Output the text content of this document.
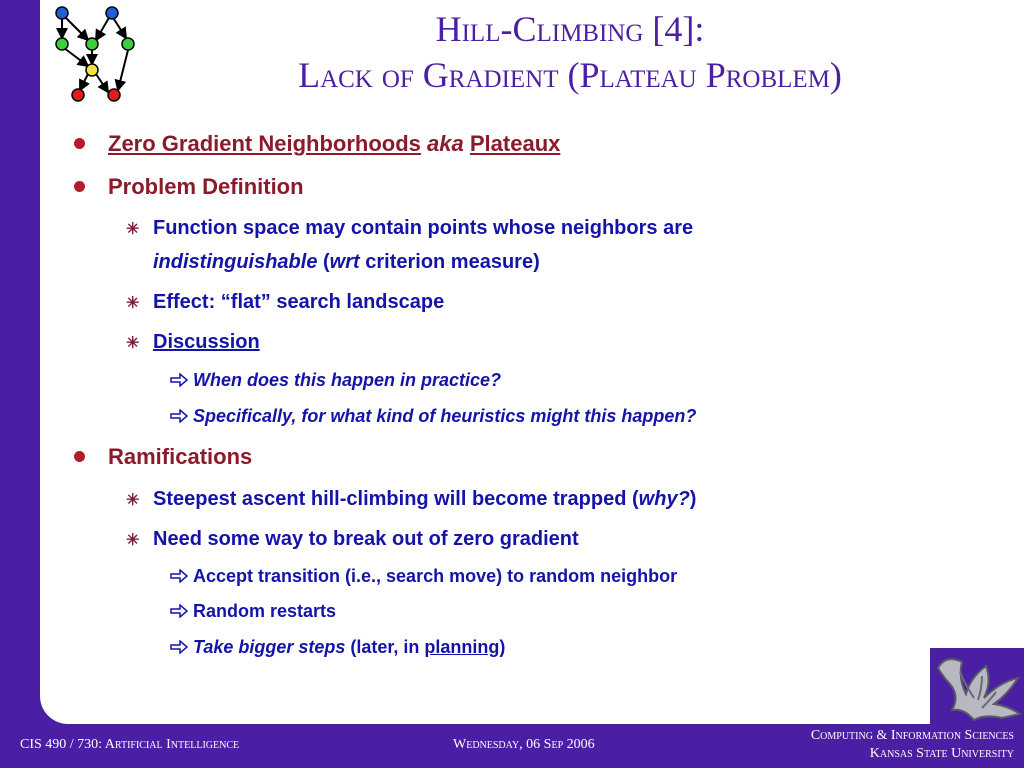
Hill-Climbing [4]:
Lack of Gradient (Plateau Problem)
Zero Gradient Neighborhoods aka Plateaux
Problem Definition
✳ Function space may contain points whose neighbors are
indistinguishable (wrt criterion measure)
✳ Effect: “flat” search landscape
✳ Discussion
When does this happen in practice?
Specifically, for what kind of heuristics might this happen?
Ramifications
✳ Steepest ascent hill-climbing will become trapped (why?)
✳ Need some way to break out of zero gradient
Accept transition (i.e., search move) to random neighbor
Random restarts
Take bigger steps (later, in planning)
CIS 490 / 730: Artificial Intelligence	Wednesday, 06 Sep 2006
Computing & Information Sciences
Kansas State University
